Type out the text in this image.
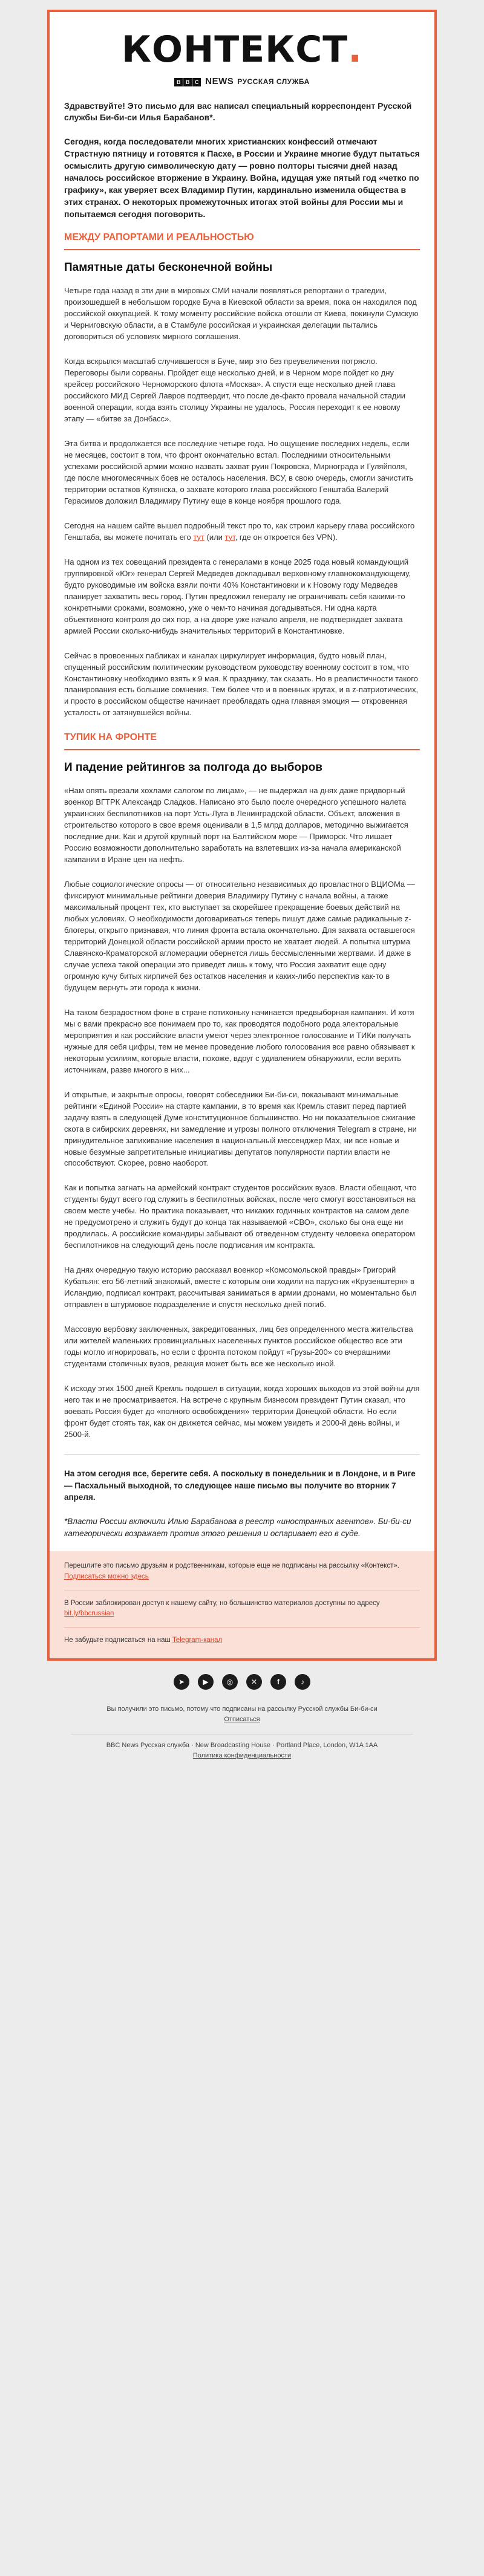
КОНТЕКСТ.
B B C NEWS РУССКАЯ СЛУЖБА

Здравствуйте! Это письмо для вас написал специальный корреспондент Русской службы Би-би-си Илья Барабанов*.

Сегодня, когда последователи многих христианских конфессий отмечают Страстную пятницу и готовятся к Пасхе, в России и Украине многие будут пытаться осмыслить другую символическую дату — ровно полторы тысячи дней назад началось российское вторжение в Украину. Война, идущая уже пятый год «четко по графику», как уверяет всех Владимир Путин, кардинально изменила общества в этих странах. О некоторых промежуточных итогах этой войны для России мы и попытаемся сегодня поговорить.

МЕЖДУ РАПОРТАМИ И РЕАЛЬНОСТЬЮ
Памятные даты бесконечной войны

Четыре года назад в эти дни в мировых СМИ начали появляться репортажи о трагедии, произошедшей в небольшом городке Буча в Киевской области за время, пока он находился под российской оккупацией. К тому моменту российские войска отошли от Киева, покинули Сумскую и Черниговскую области, а в Стамбуле российская и украинская делегации пытались договориться об условиях мирного соглашения.

Когда вскрылся масштаб случившегося в Буче, мир это без преувеличения потрясло. Переговоры были сорваны. Пройдет еще несколько дней, и в Черном море пойдет ко дну крейсер российского Черноморского флота «Москва». А спустя еще несколько дней глава российского МИД Сергей Лавров подтвердит, что после де-факто провала начальной стадии военной операции, когда взять столицу Украины не удалось, Россия переходит к ее новому этапу — «битве за Донбасс».

Эта битва и продолжается все последние четыре года. Но ощущение последних недель, если не месяцев, состоит в том, что фронт окончательно встал. Последними относительными успехами российской армии можно назвать захват руин Покровска, Мирнограда и Гуляйполя, где после многомесячных боев не осталось населения. ВСУ, в свою очередь, смогли зачистить территории остатков Купянска, о захвате которого глава российского Генштаба Валерий Герасимов доложил Владимиру Путину еще в конце ноября прошлого года.

Сегодня на нашем сайте вышел подробный текст про то, как строил карьеру глава российского Генштаба, вы можете почитать его тут (или тут, где он откроется без VPN).

На одном из тех совещаний президента с генералами в конце 2025 года новый командующий группировкой «Юг» генерал Сергей Медведев докладывал верховному главнокомандующему, будто руководимые им войска взяли почти 40% Константиновки и к Новому году Медведев планирует захватить весь город. Путин предложил генералу не ограничивать себя какими-то конкретными сроками, возможно, уже о чем-то начиная догадываться. Ни одна карта объективного контроля до сих пор, а на дворе уже начало апреля, не подтверждает захвата армией России сколько-нибудь значительных территорий в Константиновке.

Сейчас в провоенных пабликах и каналах циркулирует информация, будто новый план, спущенный российским политическим руководством руководству военному состоит в том, что Константиновку необходимо взять к 9 мая. К празднику, так сказать. Но в реалистичности такого планирования есть большие сомнения. Тем более что и в военных кругах, и в z-патриотических, и просто в российском обществе начинает преобладать одна главная эмоция — откровенная усталость от затянувшейся войны.

ТУПИК НА ФРОНТЕ
И падение рейтингов за полгода до выборов

«Нам опять врезали хохлами салогом по лицам», — не выдержал на днях даже придворный военкор ВГТРК Александр Сладков. Написано это было после очередного успешного налета украинских беспилотников на порт Усть-Луга в Ленинградской области. Объект, вложения в строительство которого в свое время оценивали в 1,5 млрд долларов, методично выжигается последние дни. Как и другой крупный порт на Балтийском море — Приморск. Что лишает Россию возможности дополнительно заработать на взлетевших из-за начала американской кампании в Иране цен на нефть.

Любые социологические опросы — от относительно независимых до провластного ВЦИОМа — фиксируют минимальные рейтинги доверия Владимиру Путину с начала войны, а также максимальный процент тех, кто выступает за скорейшее прекращение боевых действий на любых условиях. О необходимости договариваться теперь пишут даже самые радикальные z-блогеры, открыто признавая, что линия фронта встала окончательно. Для захвата оставшегося территорий Донецкой области российской армии просто не хватает людей. А попытка штурма Славянско-Краматорской агломерации обернется лишь бессмысленными жертвами. И даже в случае успеха такой операции это приведет лишь к тому, что Россия захватит еще одну огромную кучу битых кирпичей без остатков населения и каких-либо перспектив как-то в будущем вернуть эти города к жизни.

На таком безрадостном фоне в стране потихоньку начинается предвыборная кампания. И хотя мы с вами прекрасно все понимаем про то, как проводятся подобного рода электоральные мероприятия и как российские власти умеют через электронное голосование и ТИКи получать нужные для себя цифры, тем не менее проведение любого голосования все равно обязывает к некоторым усилиям, которые власти, похоже, вдруг с удивлением обнаружили, если верить источникам, разве многого в них...

И открытые, и закрытые опросы, говорят собеседники Би-би-си, показывают минимальные рейтинги «Единой России» на старте кампании, в то время как Кремль ставит перед партией задачу взять в следующей Думе конституционное большинство. Но ни показательное сжигание скота в сибирских деревнях, ни замедление и угрозы полного отключения Telegram в стране, ни принудительное запихивание населения в национальный мессенджер Max, ни все новые и новые безумные запретительные инициативы депутатов популярности партии власти не способствуют. Скорее, ровно наоборот.

Как и попытка загнать на армейский контракт студентов российских вузов. Власти обещают, что студенты будут всего год служить в беспилотных войсках, после чего смогут восстановиться на своем месте учебы. Но практика показывает, что никаких годичных контрактов на самом деле не предусмотрено и служить будут до конца так называемой «СВО», сколько бы она еще ни продлилась. А российские командиры забывают об отведенном студенту человека оператором беспилотников на следующий день после подписания им контракта.

На днях очередную такую историю рассказал военкор «Комсомольской правды» Григорий Кубатьян: его 56-летний знакомый, вместе с которым они ходили на парусник «Крузенштерн» в Исландию, подписал контракт, рассчитывая заниматься в армии дронами, но моментально был отправлен в штурмовое подразделение и спустя несколько дней погиб.

Массовую вербовку заключенных, закредитованных, лиц без определенного места жительства или жителей маленьких провинциальных населенных пунктов российское общество все эти годы могло игнорировать, но если с фронта потоком пойдут «Грузы-200» со вчерашними студентами столичных вузов, реакция может быть все же несколько иной.

К исходу этих 1500 дней Кремль подошел в ситуации, когда хороших выходов из этой войны для него так и не просматривается. На встрече с крупным бизнесом президент Путин сказал, что воевать Россия будет до «полного освобождения» территории Донецкой области. Но если фронт будет стоять так, как он движется сейчас, мы можем увидеть и 2000-й день войны, и 2500-й.

На этом сегодня все, берегите себя. А поскольку в понедельник и в Лондоне, и в Риге — Пасхальный выходной, то следующее наше письмо вы получите во вторник 7 апреля.

*Власти России включили Илью Барабанова в реестр «иностранных агентов». Би-би-си категорически возражает против этого решения и оспаривает его в суде.

Перешлите это письмо друзьям и родственникам, которые еще не подписаны на рассылку «Контекст». Подписаться можно здесь

В России заблокирован доступ к нашему сайту, но большинство материалов доступны по адресу bit.ly/bbcrussian

Не забудьте подписаться на наш Telegram-канал

➤	▶	◎	✕	f	♪
Вы получили это письмо, потому что подписаны на рассылку Русской службы Би-би-си
Отписаться
BBC News Русская служба · New Broadcasting House · Portland Place, London, W1A 1AA
Политика конфиденциальности
